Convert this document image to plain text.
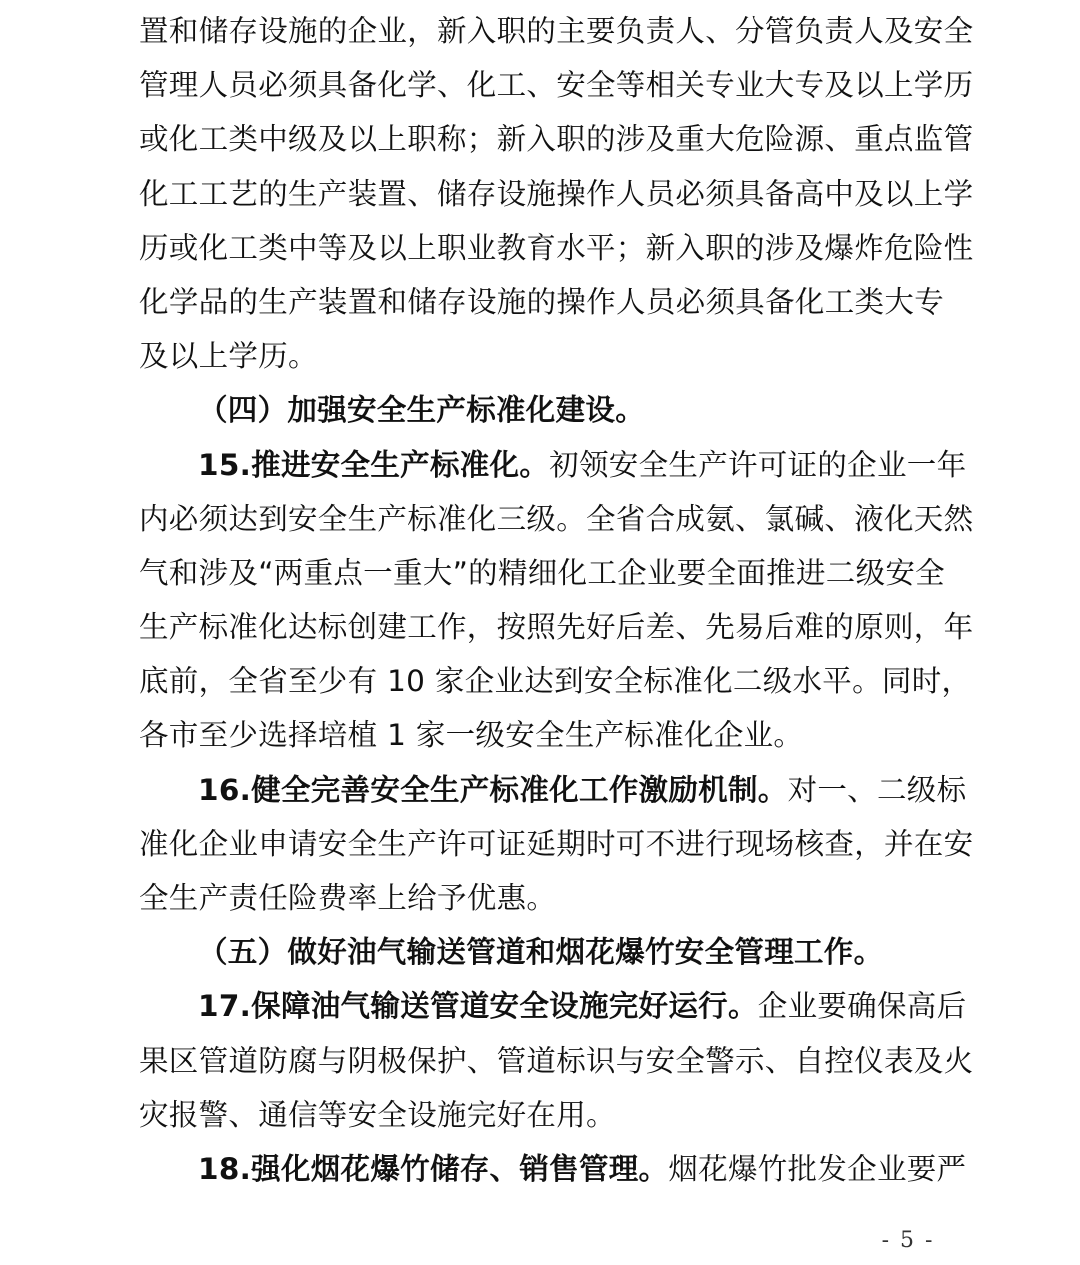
置和储存设施的企业，新入职的主要负责人、分管负责人及安全
管理人员必须具备化学、化工、安全等相关专业大专及以上学历
或化工类中级及以上职称；新入职的涉及重大危险源、重点监管
化工工艺的生产装置、储存设施操作人员必须具备高中及以上学
历或化工类中等及以上职业教育水平；新入职的涉及爆炸危险性
化学品的生产装置和储存设施的操作人员必须具备化工类大专
及以上学历。
（四）加强安全生产标准化建设。
15.推进安全生产标准化。初领安全生产许可证的企业一年
内必须达到安全生产标准化三级。全省合成氨、氯碱、液化天然
气和涉及“两重点一重大”的精细化工企业要全面推进二级安全
生产标准化达标创建工作，按照先好后差、先易后难的原则，年
底前，全省至少有 10 家企业达到安全标准化二级水平。同时，
各市至少选择培植 1 家一级安全生产标准化企业。
16.健全完善安全生产标准化工作激励机制。对一、二级标
准化企业申请安全生产许可证延期时可不进行现场核查，并在安
全生产责任险费率上给予优惠。
（五）做好油气输送管道和烟花爆竹安全管理工作。
17.保障油气输送管道安全设施完好运行。企业要确保高后
果区管道防腐与阴极保护、管道标识与安全警示、自控仪表及火
灾报警、通信等安全设施完好在用。
18.强化烟花爆竹储存、销售管理。烟花爆竹批发企业要严
- 5 -
